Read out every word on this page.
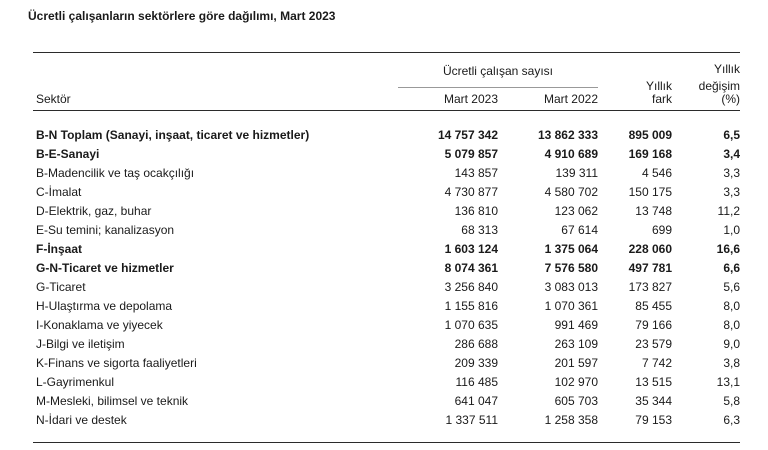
Ücretli çalışanların sektörlere göre dağılımı, Mart 2023
Ücretli çalışan sayısı	Yıllık
Yıllık değişim
Sektör	Mart 2023	Mart 2022	fark	(%)
B-N Toplam (Sanayi, inşaat, ticaret ve hizmetler)	14 757 342	13 862 333	895 009	6,5
B-E-Sanayi	5 079 857	4 910 689	169 168	3,4
B-Madencilik ve taş ocakçılığı	143 857	139 311	4 546	3,3
C-İmalat	4 730 877	4 580 702	150 175	3,3
D-Elektrik, gaz, buhar	136 810	123 062	13 748	11,2
E-Su temini; kanalizasyon	68 313	67 614	699	1,0
F-İnşaat	1 603 124	1 375 064	228 060	16,6
G-N-Ticaret ve hizmetler	8 074 361	7 576 580	497 781	6,6
G-Ticaret	3 256 840	3 083 013	173 827	5,6
H-Ulaştırma ve depolama	1 155 816	1 070 361	85 455	8,0
I-Konaklama ve yiyecek	1 070 635	991 469	79 166	8,0
J-Bilgi ve iletişim	286 688	263 109	23 579	9,0
K-Finans ve sigorta faaliyetleri	209 339	201 597	7 742	3,8
L-Gayrimenkul	116 485	102 970	13 515	13,1
M-Mesleki, bilimsel ve teknik	641 047	605 703	35 344	5,8
N-İdari ve destek	1 337 511	1 258 358	79 153	6,3
